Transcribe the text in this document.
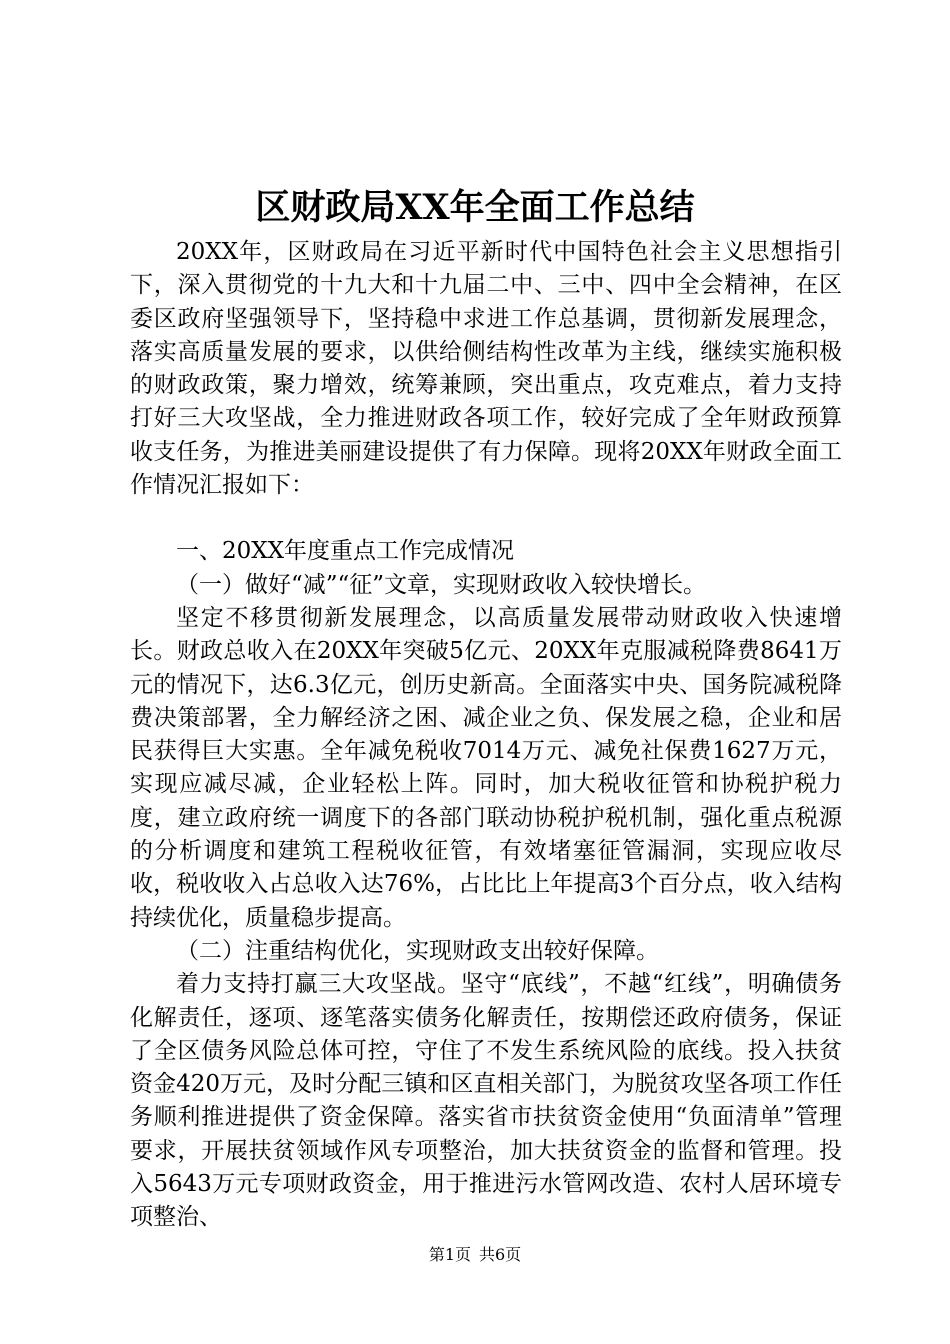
区财政局XX年全面工作总结

20XX年，区财政局在习近平新时代中国特色社会主义思想指引下，深入贯彻党的十九大和十九届二中、三中、四中全会精神，在区委区政府坚强领导下，坚持稳中求进工作总基调，贯彻新发展理念，落实高质量发展的要求，以供给侧结构性改革为主线，继续实施积极的财政政策，聚力增效，统筹兼顾，突出重点，攻克难点，着力支持打好三大攻坚战，全力推进财政各项工作，较好完成了全年财政预算收支任务，为推进美丽建设提供了有力保障。现将20XX年财政全面工作情况汇报如下：

一、20XX年度重点工作完成情况

（一）做好“减”“征”文章，实现财政收入较快增长。

坚定不移贯彻新发展理念，以高质量发展带动财政收入快速增长。财政总收入在20XX年突破5亿元、20XX年克服减税降费8641万元的情况下，达6.3亿元，创历史新高。全面落实中央、国务院减税降费决策部署，全力解经济之困、减企业之负、保发展之稳，企业和居民获得巨大实惠。全年减免税收7014万元、减免社保费1627万元，实现应减尽减，企业轻松上阵。同时，加大税收征管和协税护税力度，建立政府统一调度下的各部门联动协税护税机制，强化重点税源的分析调度和建筑工程税收征管，有效堵塞征管漏洞，实现应收尽收，税收收入占总收入达76%，占比比上年提高3个百分点，收入结构持续优化，质量稳步提高。

（二）注重结构优化，实现财政支出较好保障。

着力支持打赢三大攻坚战。坚守“底线”，不越“红线”，明确债务化解责任，逐项、逐笔落实债务化解责任，按期偿还政府债务，保证了全区债务风险总体可控，守住了不发生系统风险的底线。投入扶贫资金420万元，及时分配三镇和区直相关部门，为脱贫攻坚各项工作任务顺利推进提供了资金保障。落实省市扶贫资金使用“负面清单”管理要求，开展扶贫领域作风专项整治，加大扶贫资金的监督和管理。投入5643万元专项财政资金，用于推进污水管网改造、农村人居环境专项整治、

第1页 共6页
